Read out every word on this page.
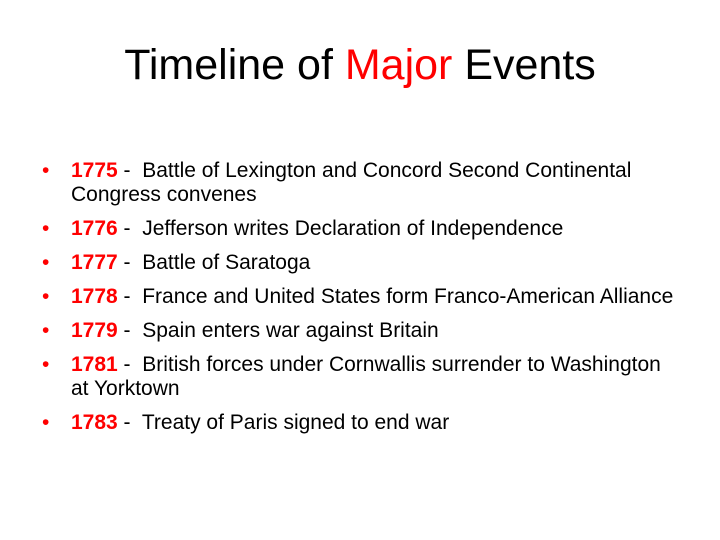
Timeline of Major Events
• 1775 -  Battle of Lexington and Concord Second Continental Congress convenes
• 1776 -  Jefferson writes Declaration of Independence
• 1777 -  Battle of Saratoga
• 1778 -  France and United States form Franco-American Alliance
• 1779 -  Spain enters war against Britain
• 1781 -  British forces under Cornwallis surrender to Washington at Yorktown
• 1783 -  Treaty of Paris signed to end war
